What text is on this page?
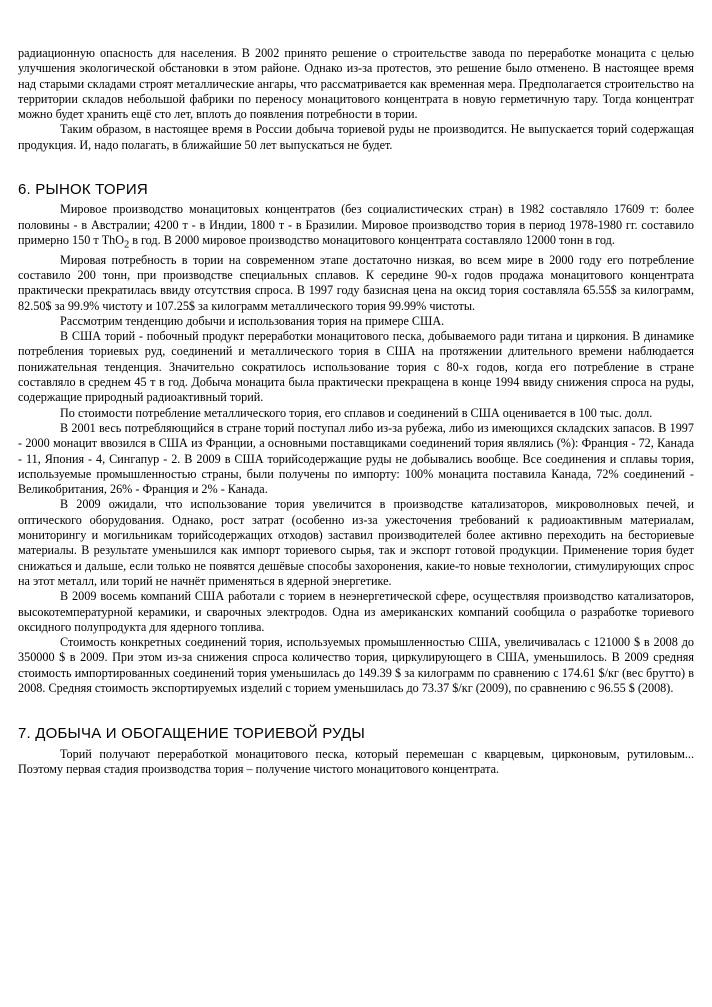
радиационную опасность для населения. В 2002 принято решение о строительстве завода по переработке монацита с целью улучшения экологической обстановки в этом районе. Однако из-за протестов, это решение было отменено. В настоящее время над старыми складами строят металлические ангары, что рассматривается как временная мера. Предполагается строительство на территории складов небольшой фабрики по переносу монацитового концентрата в новую герметичную тару. Тогда концентрат можно будет хранить ещё сто лет, вплоть до появления потребности в тории.

Таким образом, в настоящее время в России добыча ториевой руды не производится. Не выпускается торий содержащая продукция. И, надо полагать, в ближайшие 50 лет выпускаться не будет.

6. РЫНОК ТОРИЯ

Мировое производство монацитовых концентратов (без социалистических стран) в 1982 составляло 17609 т: более половины - в Австралии; 4200 т - в Индии, 1800 т - в Бразилии. Мировое производство тория в период 1978-1980 гг. составило примерно 150 т ThO$_2$ в год. В 2000 мировое производство монацитового концентрата составляло 12000 тонн в год.

Мировая потребность в тории на современном этапе достаточно низкая, во всем мире в 2000 году его потребление составило 200 тонн, при производстве специальных сплавов. К середине 90-х годов продажа монацитового концентрата практически прекратилась ввиду отсутствия спроса. В 1997 году базисная цена на оксид тория составляла 65.55$ за килограмм, 82.50$ за 99.9% чистоту и 107.25$ за килограмм металлического тория 99.99% чистоты.

Рассмотрим тенденцию добычи и использования тория на примере США.

В США торий - побочный продукт переработки монацитового песка, добываемого ради титана и циркония. В динамике потребления ториевых руд, соединений и металлического тория в США на протяжении длительного времени наблюдается понижательная тенденция. Значительно сократилось использование тория с 80-х годов, когда его потребление в стране составляло в среднем 45 т в год. Добыча монацита была практически прекращена в конце 1994 ввиду снижения спроса на руды, содержащие природный радиоактивный торий.

По стоимости потребление металлического тория, его сплавов и соединений в США оценивается в 100 тыс. долл.

В 2001 весь потребляющийся в стране торий поступал либо из-за рубежа, либо из имеющихся складских запасов. В 1997 - 2000 монацит ввозился в США из Франции, а основными поставщиками соединений тория являлись (%): Франция - 72, Канада - 11, Япония - 4, Сингапур - 2. В 2009 в США торийсодержащие руды не добывались вообще. Все соединения и сплавы тория, используемые промышленностью страны, были получены по импорту: 100% монацита поставила Канада, 72% соединений - Великобритания, 26% - Франция и 2% - Канада.

В 2009 ожидали, что использование тория увеличится в производстве катализаторов, микроволновых печей, и оптического оборудования. Однако, рост затрат (особенно из-за ужесточения требований к радиоактивным материалам, мониторингу и могильникам торийсодержащих отходов) заставил производителей более активно переходить на бесториевые материалы. В результате уменьшился как импорт ториевого сырья, так и экспорт готовой продукции. Применение тория будет снижаться и дальше, если только не появятся дешёвые способы захоронения, какие-то новые технологии, стимулирующих спрос на этот металл, или торий не начнёт применяться в ядерной энергетике.

В 2009 восемь компаний США работали с торием в неэнергетической сфере, осуществляя производство катализаторов, высокотемпературной керамики, и сварочных электродов. Одна из американских компаний сообщила о разработке ториевого оксидного полупродукта для ядерного топлива.

Стоимость конкретных соединений тория, используемых промышленностью США, увеличивалась с 121000 $ в 2008 до 350000 $ в 2009. При этом из-за снижения спроса количество тория, циркулирующего в США, уменьшилось. В 2009 средняя стоимость импортированных соединений тория уменьшилась до 149.39 $ за килограмм по сравнению с 174.61 $/кг (вес брутто) в 2008. Средняя стоимость экспортируемых изделий с торием уменьшилась до 73.37 $/кг (2009), по сравнению с 96.55 $ (2008).

7. ДОБЫЧА И ОБОГАЩЕНИЕ ТОРИЕВОЙ РУДЫ

Торий получают переработкой монацитового песка, который перемешан с кварцевым, цирконовым, рутиловым... Поэтому первая стадия производства тория – получение чистого монацитового концентрата.
